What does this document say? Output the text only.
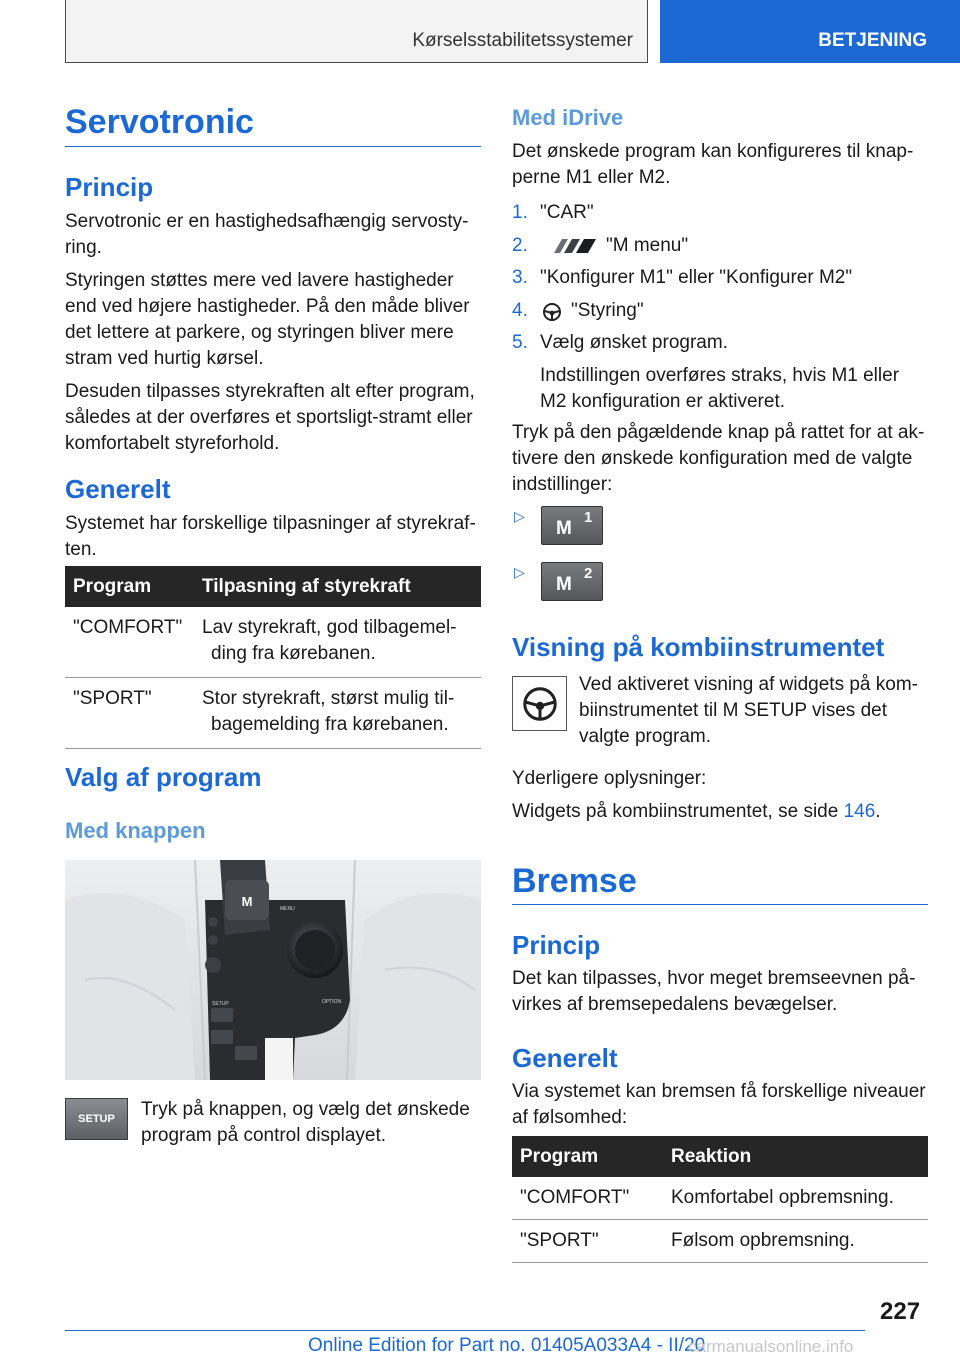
Kørselsstabilitetssystemer	BETJENING
Servotronic
Princip

Servotronic er en hastighedsafhængig servosty-

ring.

Styringen støttes mere ved lavere hastigheder

end ved højere hastigheder. På den måde bliver

det lettere at parkere, og styringen bliver mere

stram ved hurtig kørsel.

Desuden tilpasses styrekraften alt efter program,

således at der overføres et sportsligt-stramt eller

komfortabelt styreforhold.

Generelt

Systemet har forskellige tilpasninger af styrekraf-

ten.

Program	Tilpasning af styrekraft
"COMFORT"	Lav styrekraft, god tilbagemel-
ding fra kørebanen.
"SPORT"	Stor styrekraft, størst mulig til-
bagemelding fra kørebanen.
Valg af program
Med knappen
M	MENU
SETUP	OPTION
SETUP Tryk på knappen, og vælg det ønskede

program på control displayet.

Med iDrive

Det ønskede program kan konfigureres til knap-

perne M1 eller M2.

1. "CAR"
2.	"M menu"
3. "Konfigurer M1" eller "Konfigurer M2"
4. "Styring"
5. Vælg ønsket program.

Indstillingen overføres straks, hvis M1 eller

M2 konfiguration er aktiveret.

Tryk på den pågældende knap på rattet for at ak-

tivere den ønskede konfiguration med de valgte

indstillinger:

▷
M
1
▷
M
2
Visning på kombiinstrumentet

Ved aktiveret visning af widgets på kom-

biinstrumentet til M SETUP vises det

valgte program.

Yderligere oplysninger:

Widgets på kombiinstrumentet, se side 146.

Bremse
Princip

Det kan tilpasses, hvor meget bremseevnen på-

virkes af bremsepedalens bevægelser.

Generelt

Via systemet kan bremsen få forskellige niveauer

af følsomhed:

Program	Reaktion
"COMFORT"	Komfortabel opbremsning.
"SPORT"	Følsom opbremsning.
227
Online Edition for Part no. 01405A033A4 - II/20
carmanualsonline.info
